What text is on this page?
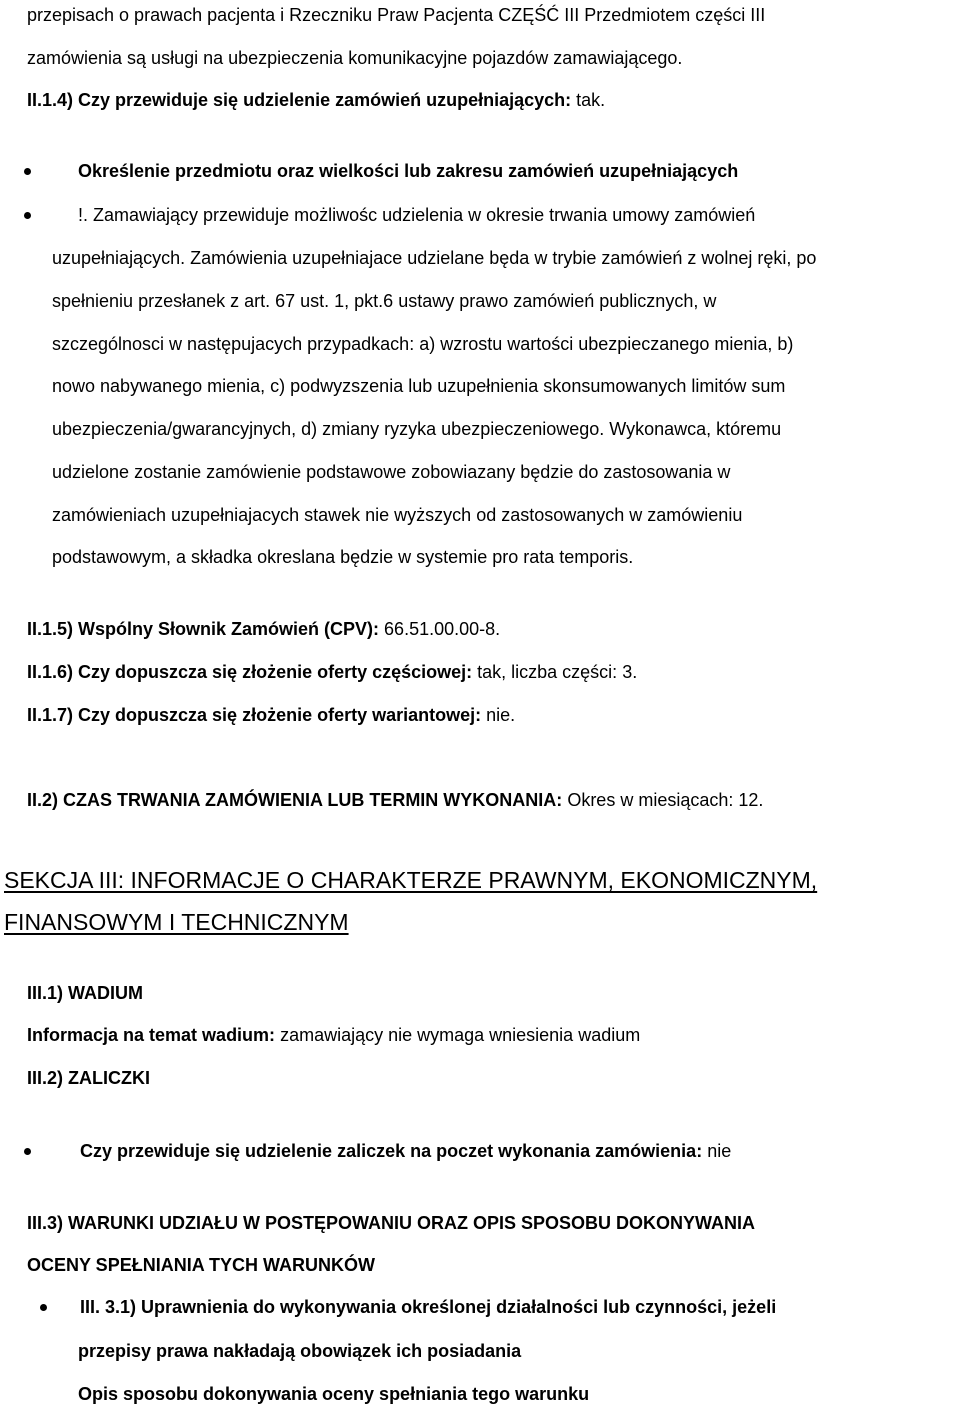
przepisach o prawach pacjenta i Rzeczniku Praw Pacjenta CZĘŚĆ III Przedmiotem części III
zamówienia są usługi na ubezpieczenia komunikacyjne pojazdów zamawiającego.
II.1.4) Czy przewiduje się udzielenie zamówień uzupełniających: tak.
Określenie przedmiotu oraz wielkości lub zakresu zamówień uzupełniających
!. Zamawiający przewiduje możliwośc udzielenia w okresie trwania umowy zamówień
uzupełniających. Zamówienia uzupełniajace udzielane będa w trybie zamówień z wolnej ręki, po
spełnieniu przesłanek z art. 67 ust. 1, pkt.6 ustawy prawo zamówień publicznych, w
szczególnosci w następujacych przypadkach: a) wzrostu wartości ubezpieczanego mienia, b)
nowo nabywanego mienia, c) podwyzszenia lub uzupełnienia skonsumowanych limitów sum
ubezpieczenia/gwarancyjnych, d) zmiany ryzyka ubezpieczeniowego. Wykonawca, któremu
udzielone zostanie zamówienie podstawowe zobowiazany będzie do zastosowania w
zamówieniach uzupełniajacych stawek nie wyższych od zastosowanych w zamówieniu
podstawowym, a składka okreslana będzie w systemie pro rata temporis.
II.1.5) Wspólny Słownik Zamówień (CPV): 66.51.00.00-8.
II.1.6) Czy dopuszcza się złożenie oferty częściowej: tak, liczba części: 3.
II.1.7) Czy dopuszcza się złożenie oferty wariantowej: nie.
II.2) CZAS TRWANIA ZAMÓWIENIA LUB TERMIN WYKONANIA: Okres w miesiącach: 12.
SEKCJA III: INFORMACJE O CHARAKTERZE PRAWNYM, EKONOMICZNYM,
FINANSOWYM I TECHNICZNYM
III.1) WADIUM
Informacja na temat wadium: zamawiający nie wymaga wniesienia wadium
III.2) ZALICZKI
Czy przewiduje się udzielenie zaliczek na poczet wykonania zamówienia: nie
III.3) WARUNKI UDZIAŁU W POSTĘPOWANIU ORAZ OPIS SPOSOBU DOKONYWANIA
OCENY SPEŁNIANIA TYCH WARUNKÓW
III. 3.1) Uprawnienia do wykonywania określonej działalności lub czynności, jeżeli
przepisy prawa nakładają obowiązek ich posiadania
Opis sposobu dokonywania oceny spełniania tego warunku
